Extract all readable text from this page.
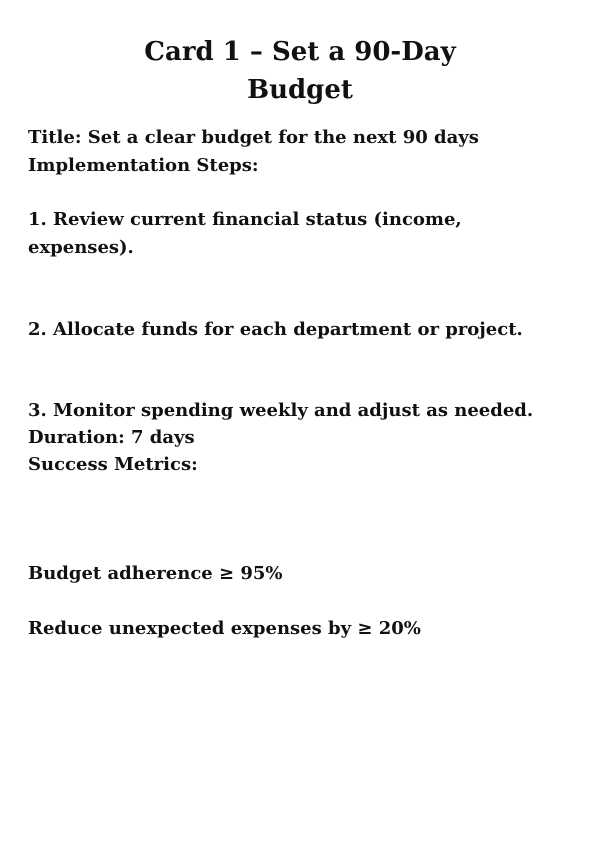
Card 1 – Set a 90-Day
Budget

Title: Set a clear budget for the next 90 days

Implementation Steps:

1. Review current financial status (income, expenses).

2. Allocate funds for each department or project.

3. Monitor spending weekly and adjust as needed.

Duration: 7 days

Success Metrics:

Budget adherence ≥ 95%

Reduce unexpected expenses by ≥ 20%
